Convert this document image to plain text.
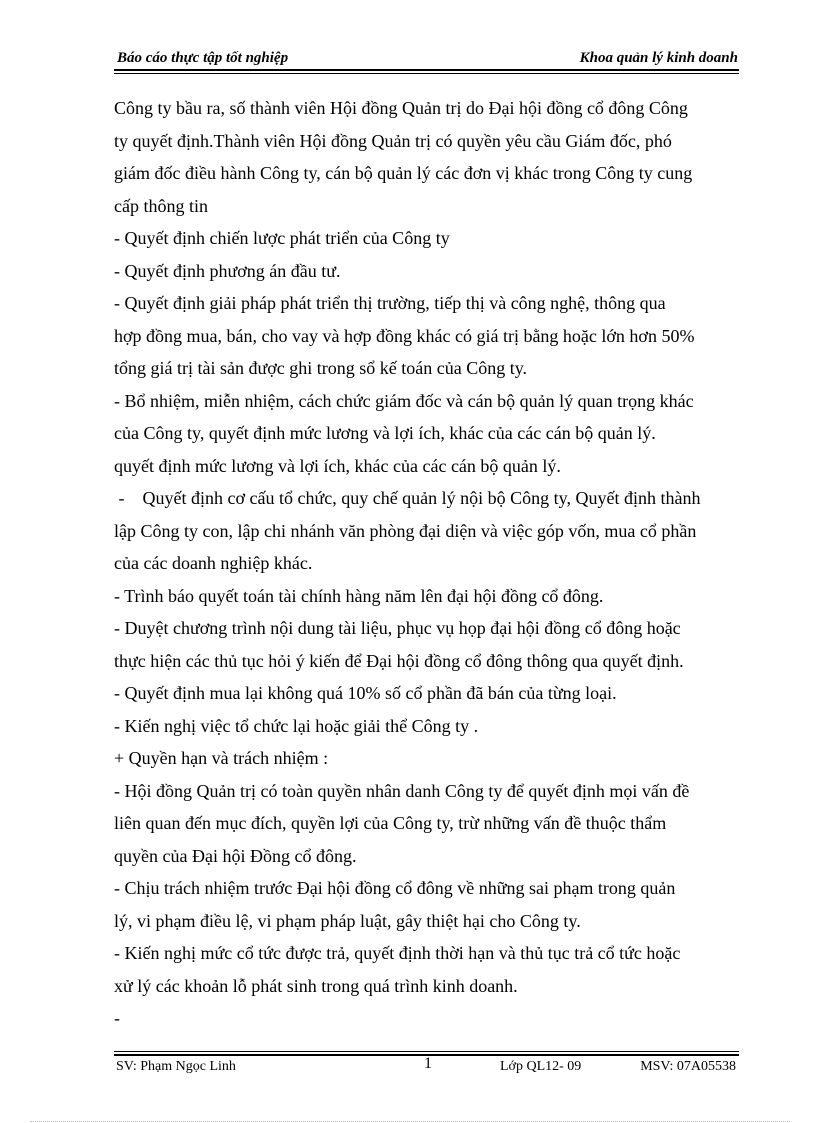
Báo cáo thực tập tốt nghiệp	Khoa quản lý kinh doanh

Công ty bầu ra, số thành viên Hội đồng Quản trị do Đại hội đồng cổ đông Công

ty quyết định.Thành viên Hội đồng Quản trị có quyền yêu cầu Giám đốc, phó

giám đốc điều hành Công ty, cán bộ quản lý các đơn vị khác trong Công ty cung

cấp thông tin

- Quyết định chiến lược phát triển của Công ty

- Quyết định phương án đầu tư.

- Quyết định giải pháp phát triển thị trường, tiếp thị và công nghệ, thông qua

hợp đồng mua, bán, cho vay và hợp đồng khác có giá trị bằng hoặc lớn hơn 50%

tổng giá trị tài sản được ghi trong sổ kế toán của Công ty.

- Bổ nhiệm, miễn nhiệm, cách chức giám đốc và cán bộ quản lý quan trọng khác

của Công ty, quyết định mức lương và lợi ích, khác của các cán bộ quản lý.

quyết định mức lương và lợi ích, khác của các cán bộ quản lý.

-    Quyết định cơ cấu tổ chức, quy chế quản lý nội bộ Công ty, Quyết định thành

lập Công ty con, lập chi nhánh văn phòng đại diện và việc góp vốn, mua cổ phần

của các doanh nghiệp khác.

- Trình báo quyết toán tài chính hàng năm lên đại hội đồng cổ đông.

- Duyệt chương trình nội dung tài liệu, phục vụ họp đại hội đồng cổ đông hoặc

thực hiện các thủ tục hỏi ý kiến để Đại hội đồng cổ đông thông qua quyết định.

- Quyết định mua lại không quá 10% số cổ phần đã bán của từng loại.

- Kiến nghị việc tổ chức lại hoặc giải thể Công ty .

+ Quyền hạn và trách nhiệm :

- Hội đồng Quản trị có toàn quyền nhân danh Công ty để quyết định mọi vấn đề

liên quan đến mục đích, quyền lợi của Công ty, trừ những vấn đề thuộc thẩm

quyền của Đại hội Đồng cổ đông.

- Chịu trách nhiệm trước Đại hội đồng cổ đông về những sai phạm trong quản

lý, vi phạm điều lệ, vi phạm pháp luật, gây thiệt hại cho Công ty.

- Kiến nghị mức cổ tức được trả, quyết định thời hạn và thủ tục trả cổ tức hoặc

xử lý các khoản lỗ phát sinh trong quá trình kinh doanh.

-

SV: Phạm Ngọc Linh	1	Lớp QL12- 09	MSV: 07A05538
